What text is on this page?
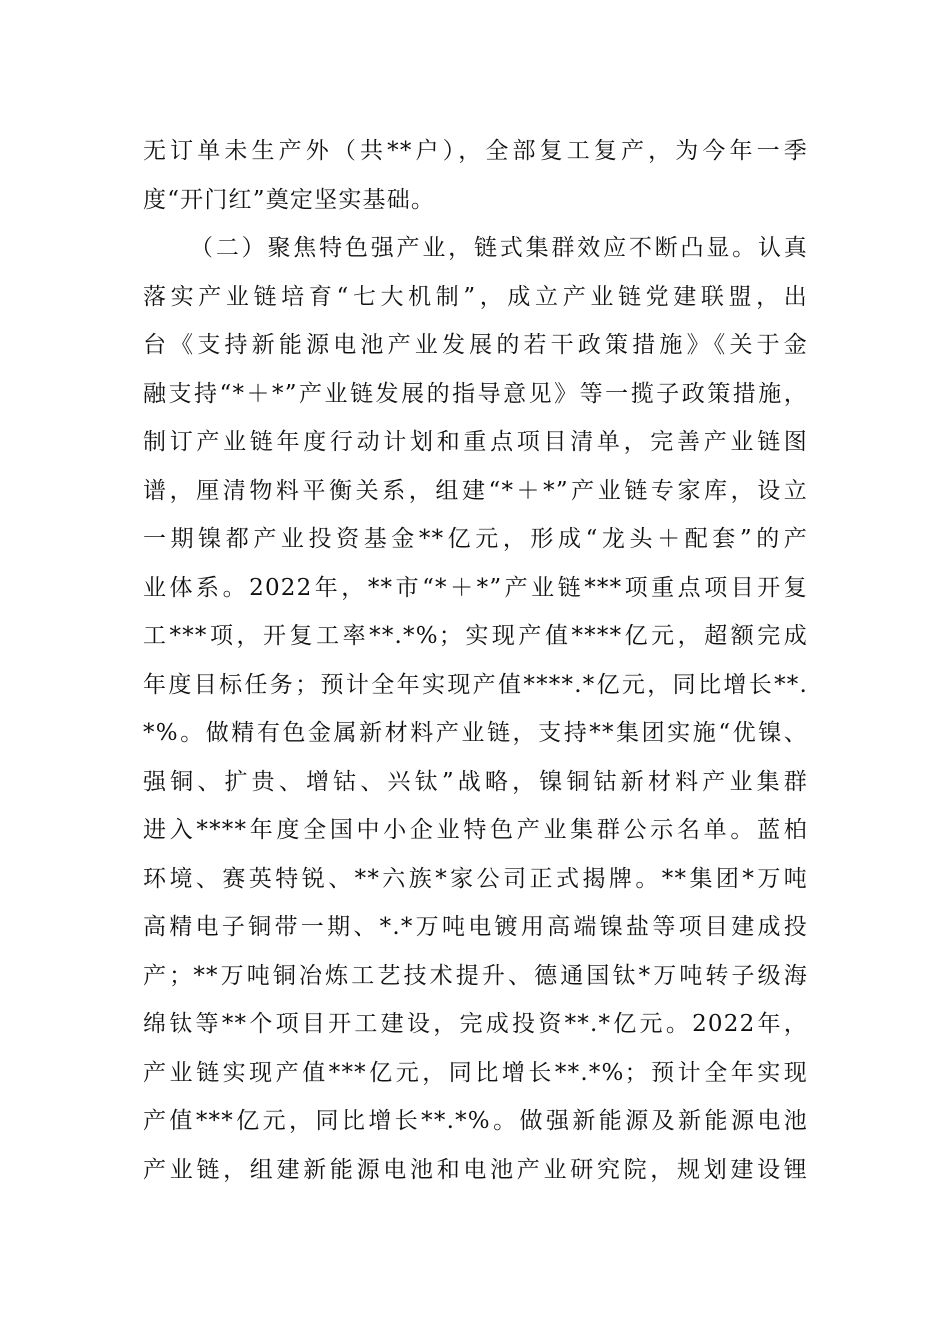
无订单未生产外（共**户），全部复工复产，为今年一季
度“开门红”奠定坚实基础。
（二）聚焦特色强产业，链式集群效应不断凸显。认真
落实产业链培育“七大机制”，成立产业链党建联盟，出
台《支持新能源电池产业发展的若干政策措施》《关于金
融支持“*＋*”产业链发展的指导意见》等一揽子政策措施，
制订产业链年度行动计划和重点项目清单，完善产业链图
谱，厘清物料平衡关系，组建“*＋*”产业链专家库，设立
一期镍都产业投资基金**亿元，形成“龙头＋配套”的产
业体系。2022年，**市“*＋*”产业链***项重点项目开复
工***项，开复工率**.*%；实现产值****亿元，超额完成
年度目标任务；预计全年实现产值****.*亿元，同比增长**.
*%。做精有色金属新材料产业链，支持**集团实施“优镍、
强铜、扩贵、增钴、兴钛”战略，镍铜钴新材料产业集群
进入****年度全国中小企业特色产业集群公示名单。蓝柏
环境、赛英特锐、**六族*家公司正式揭牌。**集团*万吨
高精电子铜带一期、*.*万吨电镀用高端镍盐等项目建成投
产；**万吨铜冶炼工艺技术提升、德通国钛*万吨转子级海
绵钛等**个项目开工建设，完成投资**.*亿元。2022年，
产业链实现产值***亿元，同比增长**.*%；预计全年实现
产值***亿元，同比增长**.*%。做强新能源及新能源电池
产业链，组建新能源电池和电池产业研究院，规划建设锂
